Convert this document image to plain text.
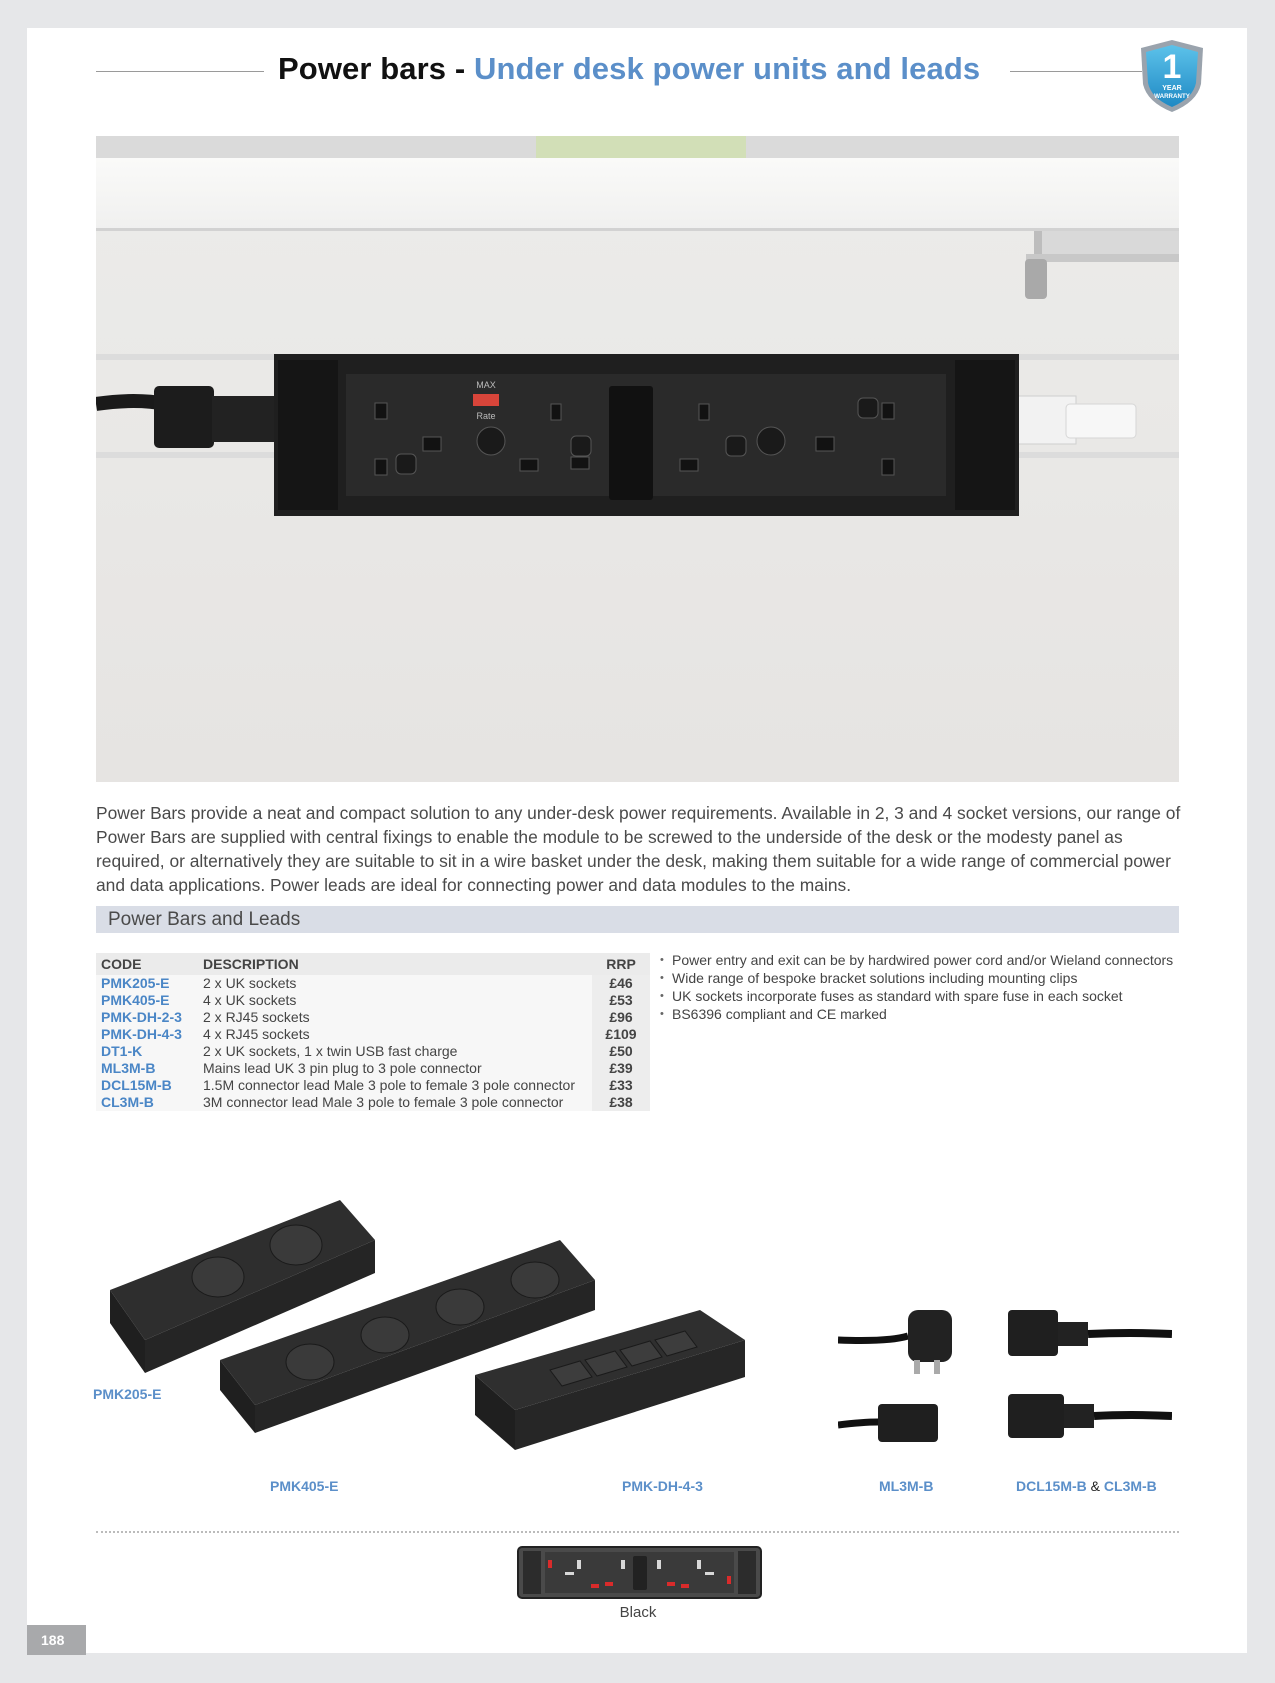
Power bars - Under desk power units and leads	1
YEAR
WARRANTY
MAX
Rate
Power Bars provide a neat and compact solution to any under-desk power requirements. Available in 2, 3 and 4 socket versions, our range of Power Bars are supplied with central fixings to enable the module to be screwed to the underside of the desk or the modesty panel as required, or alternatively they are suitable to sit in a wire basket under the desk, making them suitable for a wide range of commercial power and data applications. Power leads are ideal for connecting power and data modules to the mains.
Power Bars and Leads
CODE	DESCRIPTION	RRP
PMK205-E	2 x UK sockets	£46
PMK405-E	4 x UK sockets	£53
PMK-DH-2-3	2 x RJ45 sockets	£96
PMK-DH-4-3	4 x RJ45 sockets	£109
DT1-K	2 x UK sockets, 1 x twin USB fast charge	£50
ML3M-B	Mains lead UK 3 pin plug to 3 pole connector	£39
DCL15M-B	1.5M connector lead Male 3 pole to female 3 pole connector	£33
CL3M-B	3M connector lead Male 3 pole to female 3 pole connector	£38
• Power entry and exit can be by hardwired power cord and/or Wieland connectors
• Wide range of bespoke bracket solutions including mounting clips
• UK sockets incorporate fuses as standard with spare fuse in each socket
• BS6396 compliant and CE marked
PMK205-E
PMK405-E	PMK-DH-4-3	ML3M-B	DCL15M-B & CL3M-B
Black
188
